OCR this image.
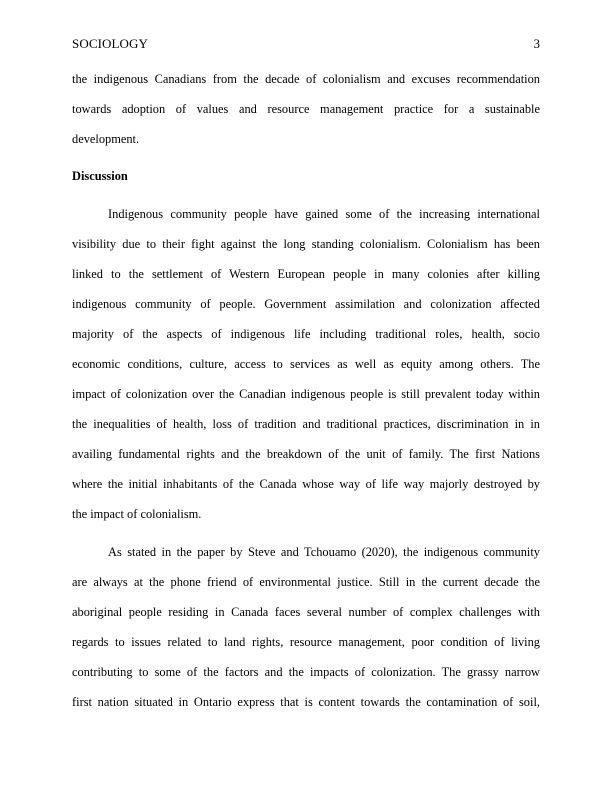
SOCIOLOGY	3

the indigenous Canadians from the decade of colonialism and excuses recommendation
towards adoption of values and resource management practice for a sustainable
development.

Discussion

Indigenous community people have gained some of the increasing international
visibility due to their fight against the long standing colonialism. Colonialism has been
linked to the settlement of Western European people in many colonies after killing
indigenous community of people. Government assimilation and colonization affected
majority of the aspects of indigenous life including traditional roles, health, socio
economic conditions, culture, access to services as well as equity among others. The
impact of colonization over the Canadian indigenous people is still prevalent today within
the inequalities of health, loss of tradition and traditional practices, discrimination in in
availing fundamental rights and the breakdown of the unit of family. The first Nations
where the initial inhabitants of the Canada whose way of life way majorly destroyed by
the impact of colonialism.

As stated in the paper by Steve and Tchouamo (2020), the indigenous community
are always at the phone friend of environmental justice. Still in the current decade the
aboriginal people residing in Canada faces several number of complex challenges with
regards to issues related to land rights, resource management, poor condition of living
contributing to some of the factors and the impacts of colonization. The grassy narrow
first nation situated in Ontario express that is content towards the contamination of soil,
